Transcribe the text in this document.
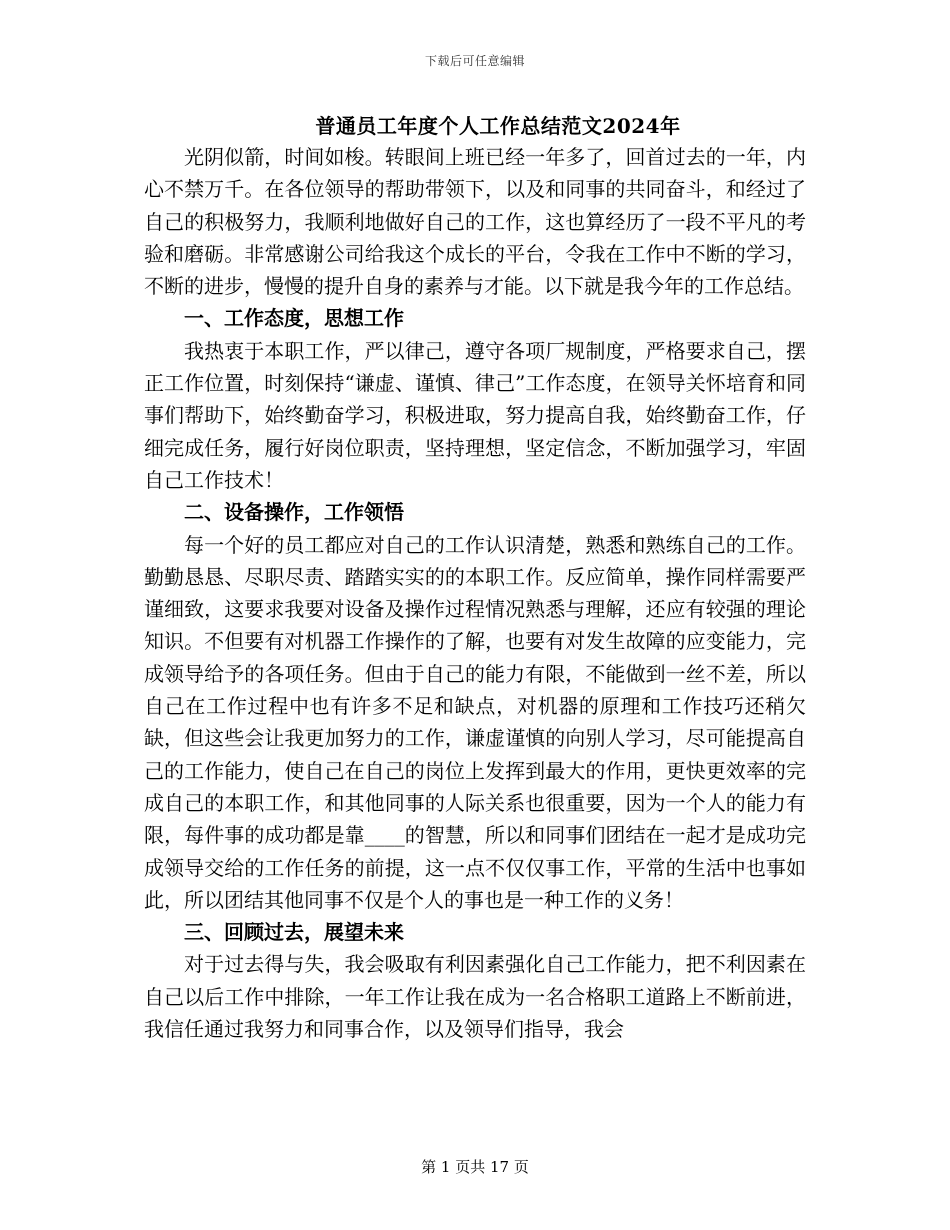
下载后可任意编辑
普通员工年度个人工作总结范文2024年

光阴似箭，时间如梭。转眼间上班已经一年多了，回首过去的一年，内心不禁万千。在各位领导的帮助带领下，以及和同事的共同奋斗，和经过了自己的积极努力，我顺利地做好自己的工作，这也算经历了一段不平凡的考验和磨砺。非常感谢公司给我这个成长的平台，令我在工作中不断的学习，不断的进步，慢慢的提升自身的素养与才能。以下就是我今年的工作总结。

一、工作态度，思想工作

我热衷于本职工作，严以律己，遵守各项厂规制度，严格要求自己，摆正工作位置，时刻保持“谦虚、谨慎、律己”工作态度，在领导关怀培育和同事们帮助下，始终勤奋学习，积极进取，努力提高自我，始终勤奋工作，仔细完成任务，履行好岗位职责，坚持理想，坚定信念，不断加强学习，牢固自己工作技术！

二、设备操作，工作领悟

每一个好的员工都应对自己的工作认识清楚，熟悉和熟练自己的工作。勤勤恳恳、尽职尽责、踏踏实实的的本职工作。反应简单，操作同样需要严谨细致，这要求我要对设备及操作过程情况熟悉与理解，还应有较强的理论知识。不但要有对机器工作操作的了解，也要有对发生故障的应变能力，完成领导给予的各项任务。但由于自己的能力有限，不能做到一丝不差，所以自己在工作过程中也有许多不足和缺点，对机器的原理和工作技巧还稍欠缺，但这些会让我更加努力的工作，谦虚谨慎的向别人学习，尽可能提高自己的工作能力，使自己在自己的岗位上发挥到最大的作用，更快更效率的完成自己的本职工作，和其他同事的人际关系也很重要，因为一个人的能力有限，每件事的成功都是靠____的智慧，所以和同事们团结在一起才是成功完成领导交给的工作任务的前提，这一点不仅仅事工作，平常的生活中也事如此，所以团结其他同事不仅是个人的事也是一种工作的义务！

三、回顾过去，展望未来

对于过去得与失，我会吸取有利因素强化自己工作能力，把不利因素在自己以后工作中排除，一年工作让我在成为一名合格职工道路上不断前进，我信任通过我努力和同事合作，以及领导们指导，我会

第 1 页共 17 页
